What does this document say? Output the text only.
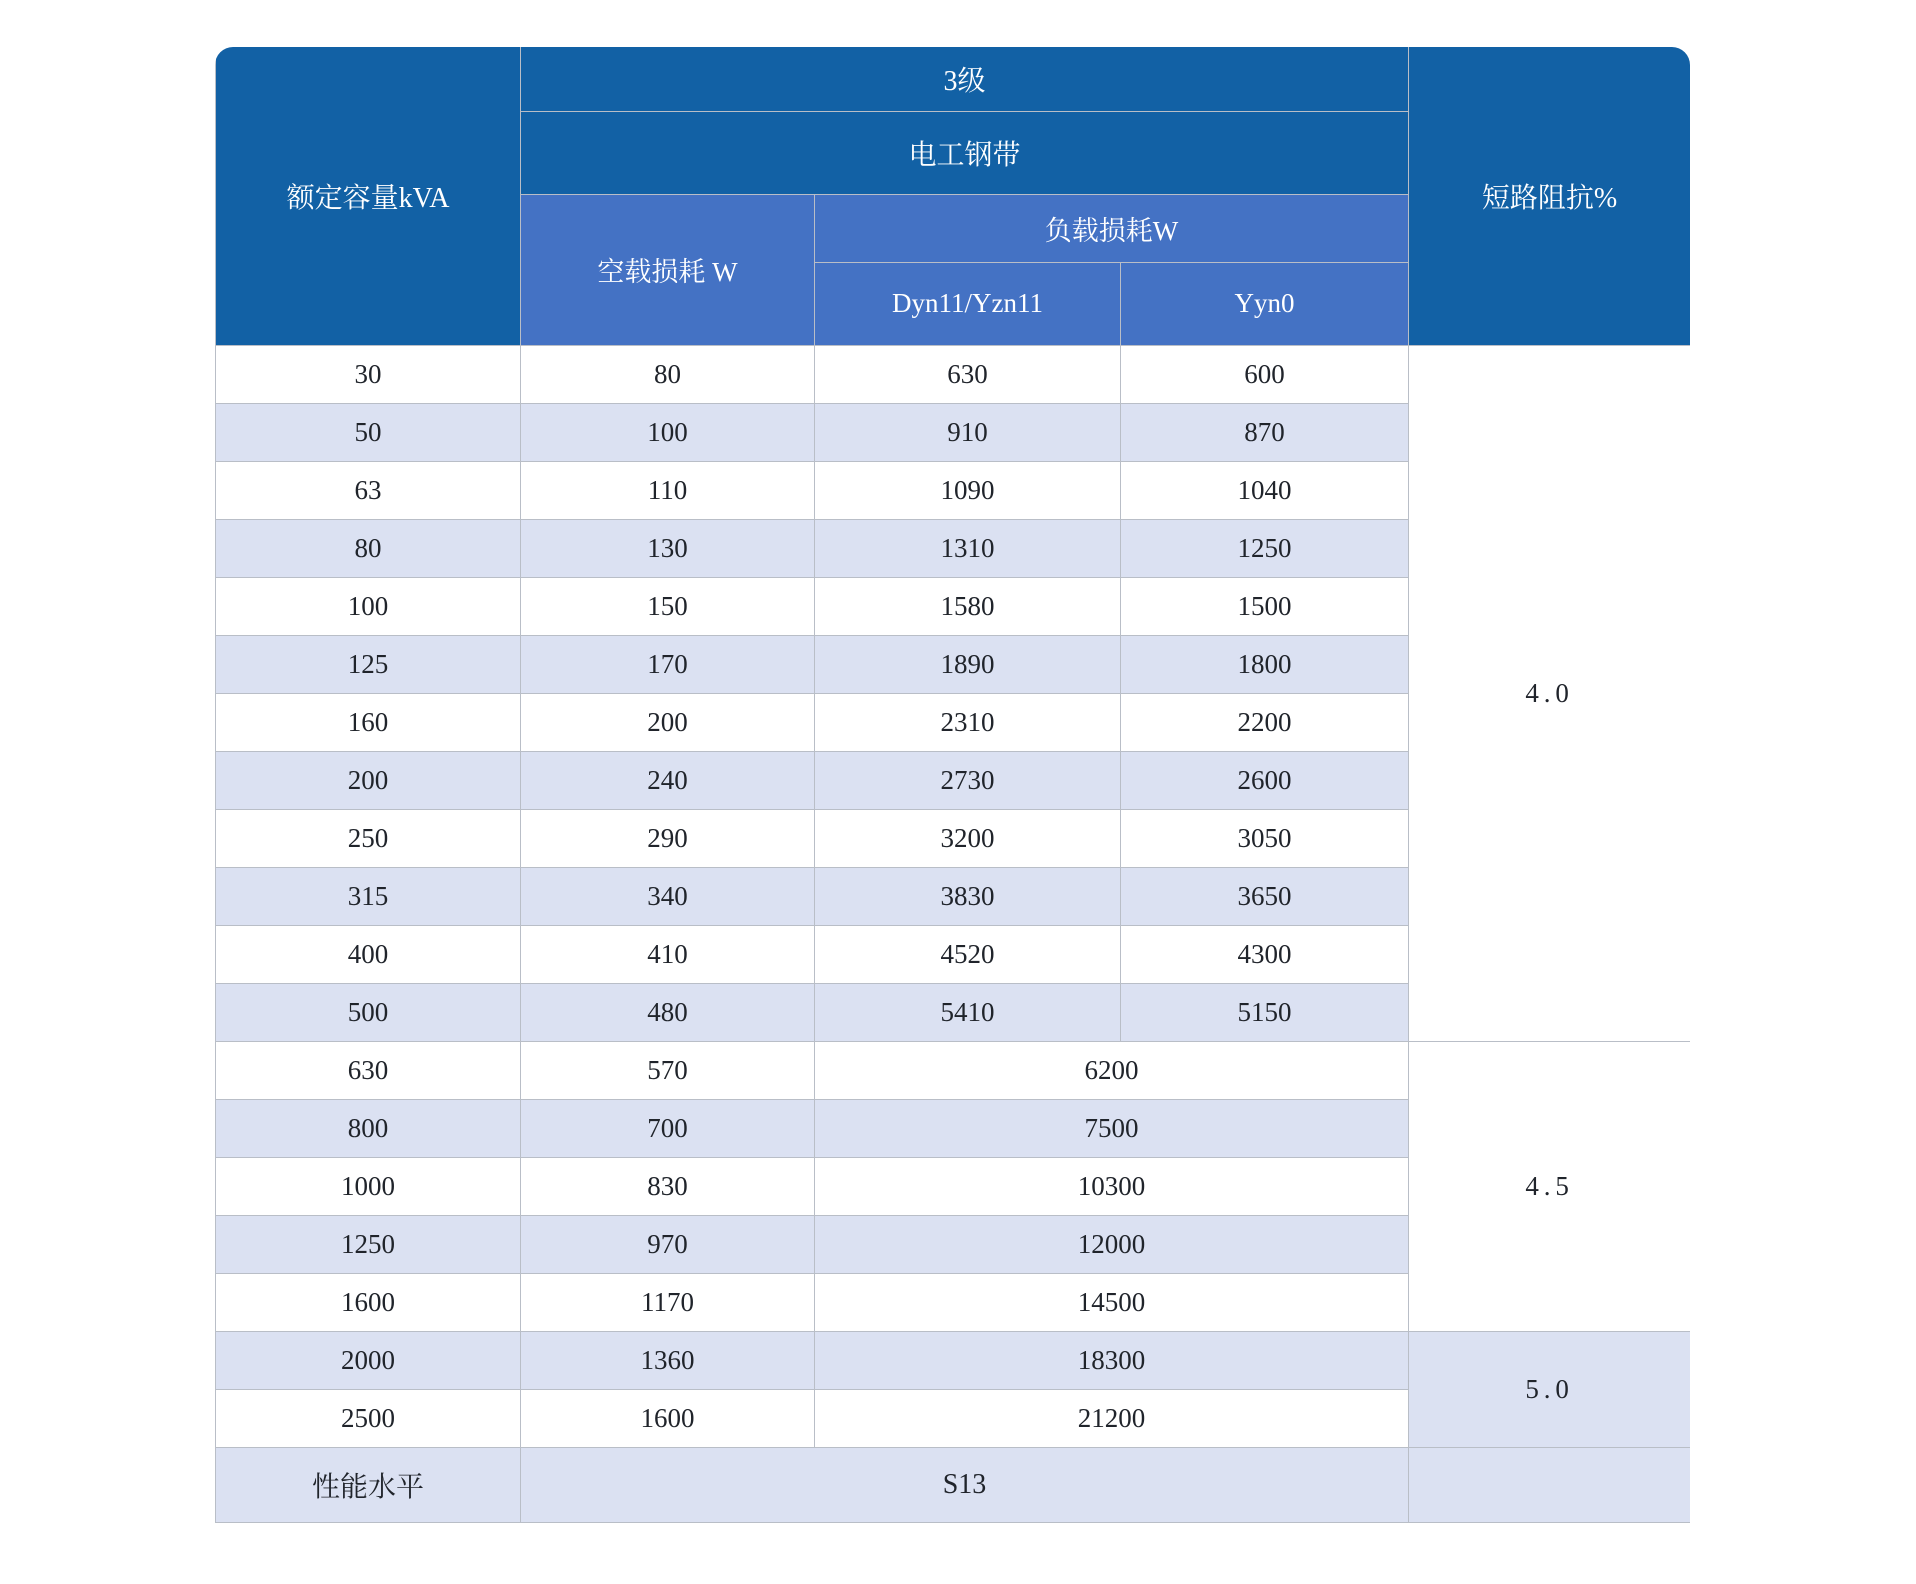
额定容量kVA	3级			短路阻抗%
	电工钢带			
	空载损耗 W	负载损耗W		
		Dyn11/Yzn11	Yyn0	
30	80	630	600	4.0
50	100	910	870	
63	110	1090	1040	
80	130	1310	1250	
100	150	1580	1500	
125	170	1890	1800	
160	200	2310	2200	
200	240	2730	2600	
250	290	3200	3050	
315	340	3830	3650	
400	410	4520	4300	
500	480	5410	5150	
630	570	6200		4.5
800	700	7500		
1000	830	10300		
1250	970	12000		
1600	1170	14500		
2000	1360	18300		5.0
2500	1600	21200		
性能水平	S13			
